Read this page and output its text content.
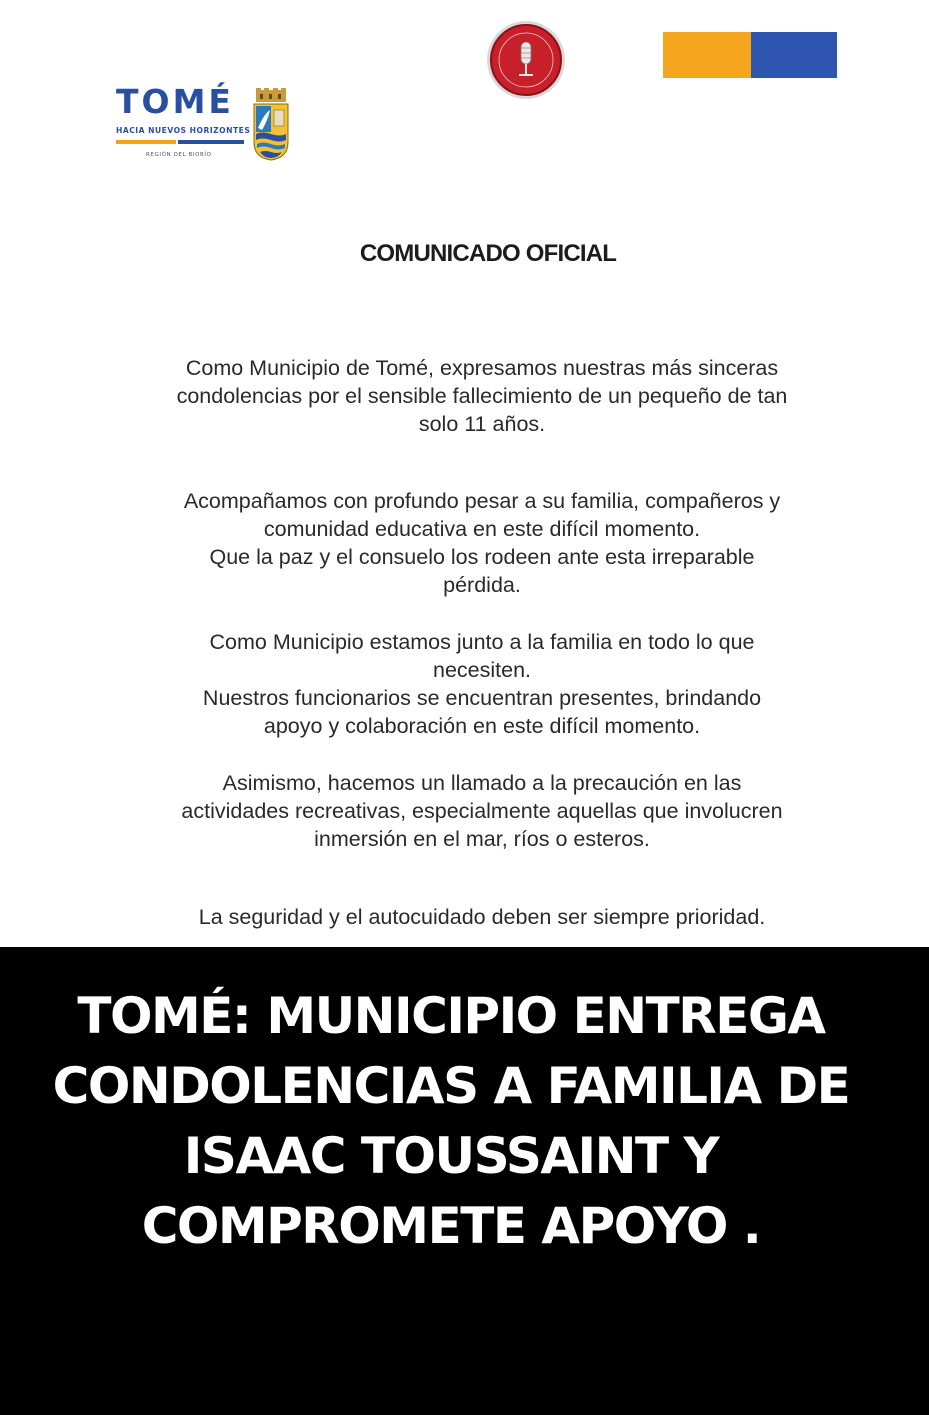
TOMÉ
HACIA NUEVOS HORIZONTES
REGIÓN DEL BIOBÍO
COMUNICADO OFICIAL
Como Municipio de Tomé, expresamos nuestras más sinceras
condolencias por el sensible fallecimiento de un pequeño de tan
solo 11 años.
Acompañamos con profundo pesar a su familia, compañeros y
comunidad educativa en este difícil momento.
Que la paz y el consuelo los rodeen ante esta irreparable
pérdida.
Como Municipio estamos junto a la familia en todo lo que
necesiten.
Nuestros funcionarios se encuentran presentes, brindando
apoyo y colaboración en este difícil momento.
Asimismo, hacemos un llamado a la precaución en las
actividades recreativas, especialmente aquellas que involucren
inmersión en el mar, ríos o esteros.
La seguridad y el autocuidado deben ser siempre prioridad.
TOMÉ: MUNICIPIO ENTREGA
CONDOLENCIAS A FAMILIA DE
ISAAC TOUSSAINT Y
COMPROMETE APOYO .
